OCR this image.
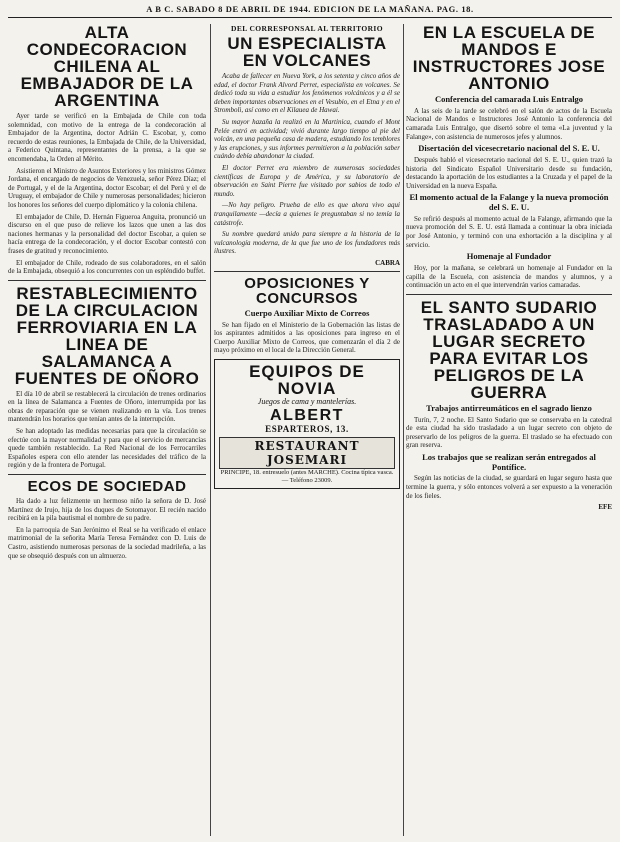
A B C. SABADO 8 DE ABRIL DE 1944. EDICION DE LA MAÑANA. PAG. 18.
ALTA CONDECORACION CHILENA AL EMBAJADOR DE LA ARGENTINA
Ayer tarde se verificó en la Embajada de Chile con toda solemnidad, con motivo de la entrega de la condecoración al Embajador de la Argentina, doctor Adrián C. Escobar, y, como recuerdo de estas reuniones, la Embajada de Chile, de la Universidad, a Federico Quintana, representantes de la prensa, a la que se encomendaba, la Orden al Mérito.
Asistieron el Ministro de Asuntos Exteriores y los ministros Gómez Jordana, el encargado de negocios de Venezuela, señor Pérez Díaz; el de Portugal, y el de la Argentina, doctor Escobar; el del Perú y el de Uruguay, el embajador de Chile y numerosas personalidades; hicieron los honores los señores del cuerpo diplomático y la colonia chilena.
El embajador de Chile, D. Hernán Figueroa Anguita, pronunció un discurso en el que puso de relieve los lazos que unen a las dos naciones hermanas y la personalidad del doctor Escobar, a quien se hacía entrega de la condecoración, y el doctor Escobar contestó con frases de gratitud y reconocimiento.
El embajador de Chile, rodeado de sus colaboradores, en el salón de la Embajada, obsequió a los concurrentes con un espléndido buffet.
RESTABLECIMIENTO DE LA CIRCULACION FERROVIARIA EN LA LINEA DE SALAMANCA A FUENTES DE OÑORO
El día 10 de abril se restablecerá la circulación de trenes ordinarios en la línea de Salamanca a Fuentes de Oñoro, interrumpida por las obras de reparación que se vienen realizando en la vía. Los trenes mantendrán los horarios que tenían antes de la interrupción.
Se han adoptado las medidas necesarias para que la circulación se efectúe con la mayor normalidad y para que el servicio de mercancías quede también restablecido. La Red Nacional de los Ferrocarriles Españoles espera con ello atender las necesidades del tráfico de la región y de la frontera de Portugal.
ECOS DE SOCIEDAD
Ha dado a luz felizmente un hermoso niño la señora de D. José Martínez de Irujo, hija de los duques de Sotomayor. El recién nacido recibirá en la pila bautismal el nombre de su padre.
En la parroquia de San Jerónimo el Real se ha verificado el enlace matrimonial de la señorita María Teresa Fernández con D. Luis de Castro, asistiendo numerosas personas de la sociedad madrileña, a las que se obsequió después con un almuerzo.
DEL CORRESPONSAL AL TERRITORIO
UN ESPECIALISTA EN VOLCANES
Acaba de fallecer en Nueva York, a los setenta y cinco años de edad, el doctor Frank Alvord Perret, especialista en volcanes. Se dedicó toda su vida a estudiar los fenómenos volcánicos y a él se deben importantes observaciones en el Vesubio, en el Etna y en el Stromboli, así como en el Kilauea de Hawai.
Su mayor hazaña la realizó en la Martinica, cuando el Mont Pelée entró en actividad; vivió durante largo tiempo al pie del volcán, en una pequeña casa de madera, estudiando los temblores y las erupciones, y sus informes permitieron a la población saber cuándo debía abandonar la ciudad.
El doctor Perret era miembro de numerosas sociedades científicas de Europa y de América, y su laboratorio de observación en Saint Pierre fue visitado por sabios de todo el mundo.
—No hay peligro. Prueba de ello es que ahora vivo aquí tranquilamente —decía a quienes le preguntaban si no temía la catástrofe.
Su nombre quedará unido para siempre a la historia de la vulcanología moderna, de la que fue uno de los fundadores más ilustres.
CABRA
OPOSICIONES Y CONCURSOS
Cuerpo Auxiliar Mixto de Correos
Se han fijado en el Ministerio de la Gobernación las listas de los aspirantes admitidos a las oposiciones para ingreso en el Cuerpo Auxiliar Mixto de Correos, que comenzarán el día 2 de mayo próximo en el local de la Dirección General.
EQUIPOS DE NOVIA
Juegos de cama y mantelerías.
ALBERT
ESPARTEROS, 13.
RESTAURANT JOSEMARI
PRINCIPE, 18. entresuelo (antes MARCHE). Cocina típica vasca. — Teléfono 23009.
EN LA ESCUELA DE MANDOS E INSTRUCTORES JOSE ANTONIO
Conferencia del camarada Luis Entralgo
A las seis de la tarde se celebró en el salón de actos de la Escuela Nacional de Mandos e Instructores José Antonio la conferencia del camarada Luis Entralgo, que disertó sobre el tema «La juventud y la Falange», con asistencia de numerosos jefes y alumnos.
Disertación del vicesecretario nacional del S. E. U.
Después habló el vicesecretario nacional del S. E. U., quien trazó la historia del Sindicato Español Universitario desde su fundación, destacando la aportación de los estudiantes a la Cruzada y el papel de la Universidad en la nueva España.
El momento actual de la Falange y la nueva promoción del S. E. U.
Se refirió después al momento actual de la Falange, afirmando que la nueva promoción del S. E. U. está llamada a continuar la obra iniciada por José Antonio, y terminó con una exhortación a la disciplina y al servicio.
Homenaje al Fundador
Hoy, por la mañana, se celebrará un homenaje al Fundador en la capilla de la Escuela, con asistencia de mandos y alumnos, y a continuación un acto en el que intervendrán varios camaradas.
EL SANTO SUDARIO TRASLADADO A UN LUGAR SECRETO PARA EVITAR LOS PELIGROS DE LA GUERRA
Trabajos antirreumáticos en el sagrado lienzo
Turín, 7, 2 noche. El Santo Sudario que se conservaba en la catedral de esta ciudad ha sido trasladado a un lugar secreto con objeto de preservarlo de los peligros de la guerra. El traslado se ha efectuado con gran reserva.
Los trabajos que se realizan serán entregados al Pontífice.
Según las noticias de la ciudad, se guardará en lugar seguro hasta que termine la guerra, y sólo entonces volverá a ser expuesto a la veneración de los fieles.
EFE
